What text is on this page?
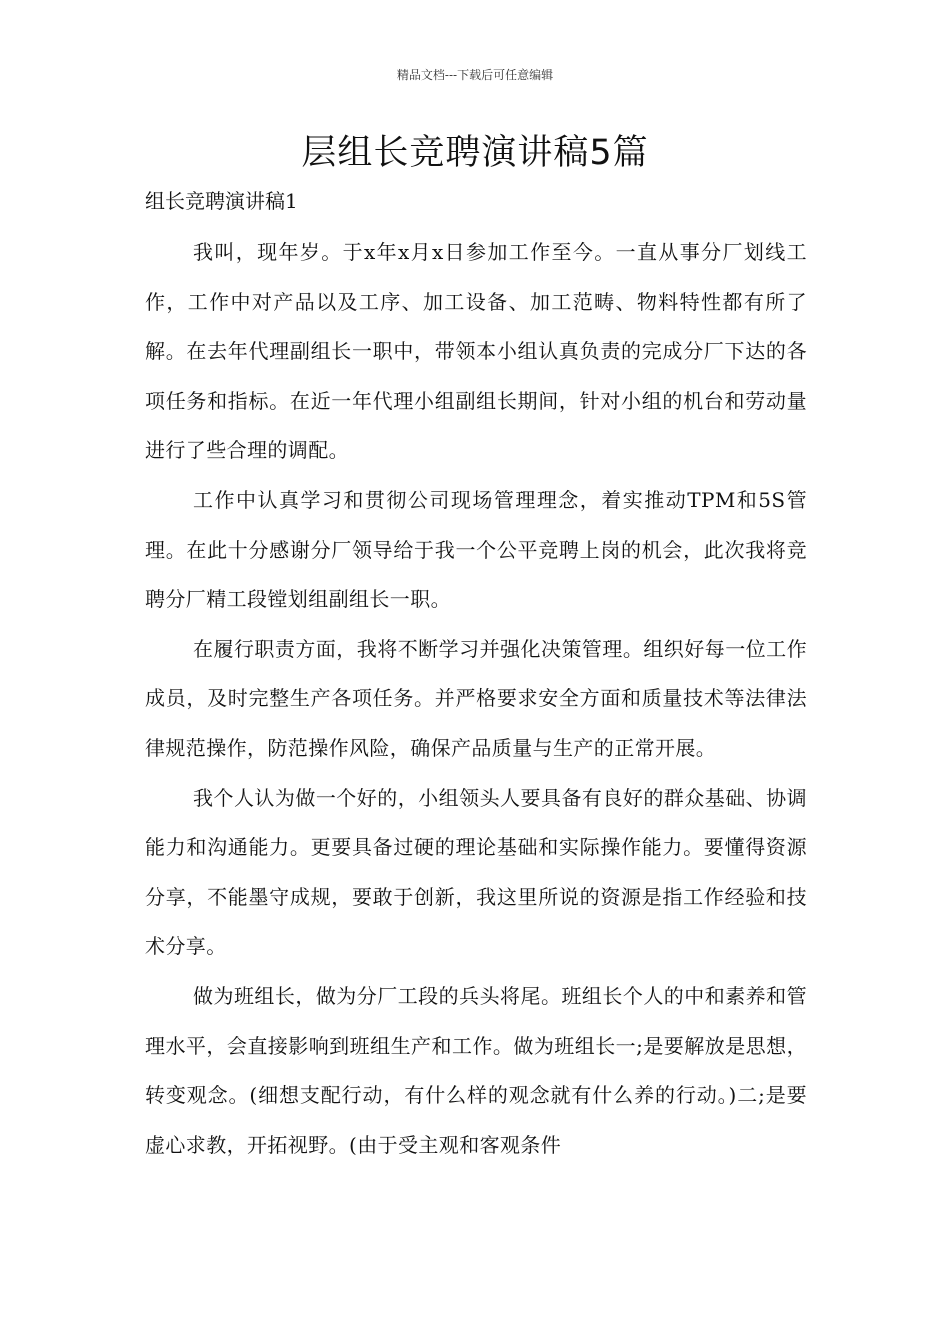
精品文档---下载后可任意编辑
层组长竞聘演讲稿5篇
组长竞聘演讲稿1

我叫，现年岁。于x年x月x日参加工作至今。一直从事分厂划线工作，工作中对产品以及工序、加工设备、加工范畴、物料特性都有所了解。在去年代理副组长一职中，带领本小组认真负责的完成分厂下达的各项任务和指标。在近一年代理小组副组长期间，针对小组的机台和劳动量进行了些合理的调配。

工作中认真学习和贯彻公司现场管理理念，着实推动TPM和5S管理。在此十分感谢分厂领导给于我一个公平竞聘上岗的机会，此次我将竞聘分厂精工段镗划组副组长一职。

在履行职责方面，我将不断学习并强化决策管理。组织好每一位工作成员，及时完整生产各项任务。并严格要求安全方面和质量技术等法律法律规范操作，防范操作风险，确保产品质量与生产的正常开展。

我个人认为做一个好的，小组领头人要具备有良好的群众基础、协调能力和沟通能力。更要具备过硬的理论基础和实际操作能力。要懂得资源分享，不能墨守成规，要敢于创新，我这里所说的资源是指工作经验和技术分享。

做为班组长，做为分厂工段的兵头将尾。班组长个人的中和素养和管理水平，会直接影响到班组生产和工作。做为班组长一;是要解放是思想，转变观念。(细想支配行动，有什么样的观念就有什么养的行动。)二;是要虚心求教，开拓视野。(由于受主观和客观条件
